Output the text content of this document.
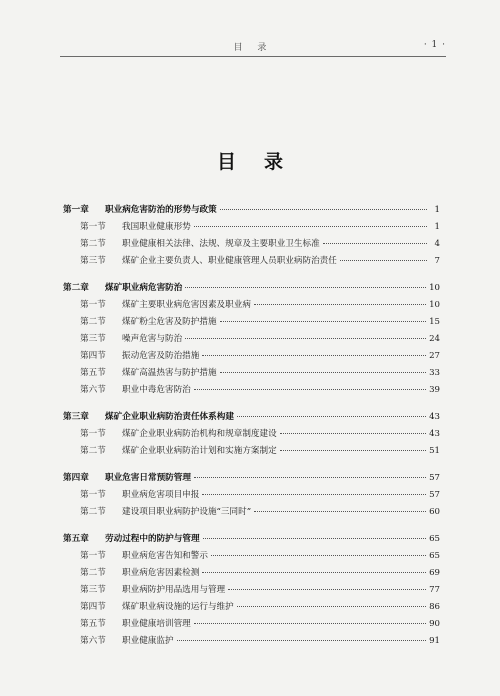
目 录	· 1 ·
目录
第一章	职业病危害防治的形势与政策	1
第一节	我国职业健康形势	1
第二节	职业健康相关法律、法规、规章及主要职业卫生标准	4
第三节	煤矿企业主要负责人、职业健康管理人员职业病防治责任	7
第二章	煤矿职业病危害防治	10
第一节	煤矿主要职业病危害因素及职业病	10
第二节	煤矿粉尘危害及防护措施	15
第三节	噪声危害与防治	24
第四节	振动危害及防治措施	27
第五节	煤矿高温热害与防护措施	33
第六节	职业中毒危害防治	39
第三章	煤矿企业职业病防治责任体系构建	43
第一节	煤矿企业职业病防治机构和规章制度建设	43
第二节	煤矿企业职业病防治计划和实施方案制定	51
第四章	职业危害日常预防管理	57
第一节	职业病危害项目申报	57
第二节	建设项目职业病防护设施“三同时”	60
第五章	劳动过程中的防护与管理	65
第一节	职业病危害告知和警示	65
第二节	职业病危害因素检测	69
第三节	职业病防护用品选用与管理	77
第四节	煤矿职业病设施的运行与维护	86
第五节	职业健康培训管理	90
第六节	职业健康监护	91
